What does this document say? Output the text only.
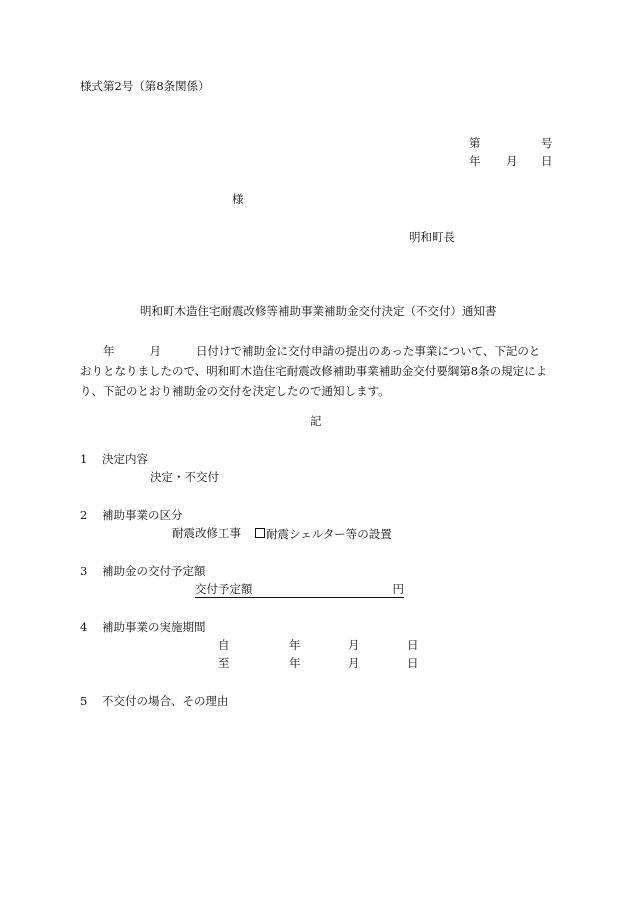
様式第2号（第8条関係）
第	号
年 月 日
様
明和町長
明和町木造住宅耐震改修等補助事業補助金交付決定（不交付）通知書

年	月	日付けで補助金に交付申請の提出のあった事業について、下記のと

おりとなりましたので、明和町木造住宅耐震改修補助事業補助金交付要綱第8条の規定によ

り、下記のとおり補助金の交付を決定したので通知します。

記
1 決定内容
決定・不交付
2 補助事業の区分
耐震改修工事	耐震シェルター等の設置
3 補助金の交付予定額
交付予定額	円
4 補助事業の実施期間
自	年	月	日
至	年	月	日
5 不交付の場合、その理由
